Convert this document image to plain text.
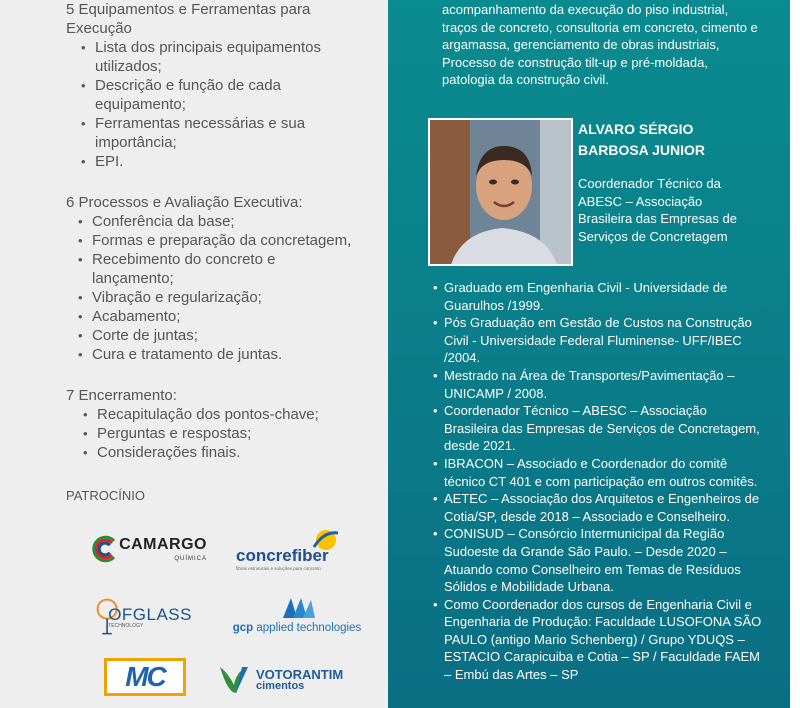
5 Equipamentos e Ferramentas para Execução
• Lista dos principais equipamentos utilizados;
• Descrição e função de cada equipamento;
• Ferramentas necessárias e sua importância;
• EPI.
6 Processos e Avaliação Executiva:
• Conferência da base;
• Formas e preparação da concretagem,
• Recebimento do concreto e lançamento;
• Vibração e regularização;
• Acabamento;
• Corte de juntas;
• Cura e tratamento de juntas.
7 Encerramento:
• Recapitulação dos pontos-chave;
• Perguntas e respostas;
• Considerações finais.
PATROCÍNIO
CAMARGO
QUÍMICA concrefiber
fibras estruturais e soluções para concreto
OFGLASS
TECHNOLOGY	gcp applied technologies
MC	VOTORANTIM
cimentos
acompanhamento da execução do piso industrial, traços de concreto, consultoria em concreto, cimento e argamassa, gerenciamento de obras industriais, Processo de construção tilt-up e pré-moldada, patologia da construção civil.
ALVARO SÉRGIO
BARBOSA JUNIOR
Coordenador Técnico da ABESC – Associação Brasileira das Empresas de Serviços de Concretagem
• Graduado em Engenharia Civil - Universidade de Guarulhos /1999.
• Pós Graduação em Gestão de Custos na Construção Civil - Universidade Federal Fluminense- UFF/IBEC /2004.
• Mestrado na Área de Transportes/Pavimentação – UNICAMP / 2008.
• Coordenador Técnico – ABESC – Associação Brasileira das Empresas de Serviços de Concretagem, desde 2021.
• IBRACON – Associado e Coordenador do comitê técnico CT 401 e com participação em outros comitês.
• AETEC – Associação dos Arquitetos e Engenheiros de Cotia/SP, desde 2018 – Associado e Conselheiro.
• CONISUD – Consórcio Intermunicipal da Região Sudoeste da Grande São Paulo. – Desde 2020 – Atuando como Conselheiro em Temas de Resíduos Sólidos e Mobilidade Urbana.
• Como Coordenador dos cursos de Engenharia Civil e Engenharia de Produção: Faculdade LUSOFONA SÃO PAULO (antigo Mario Schenberg) / Grupo YDUQS – ESTACIO Carapicuiba e Cotia – SP / Faculdade FAEM – Embú das Artes – SP
